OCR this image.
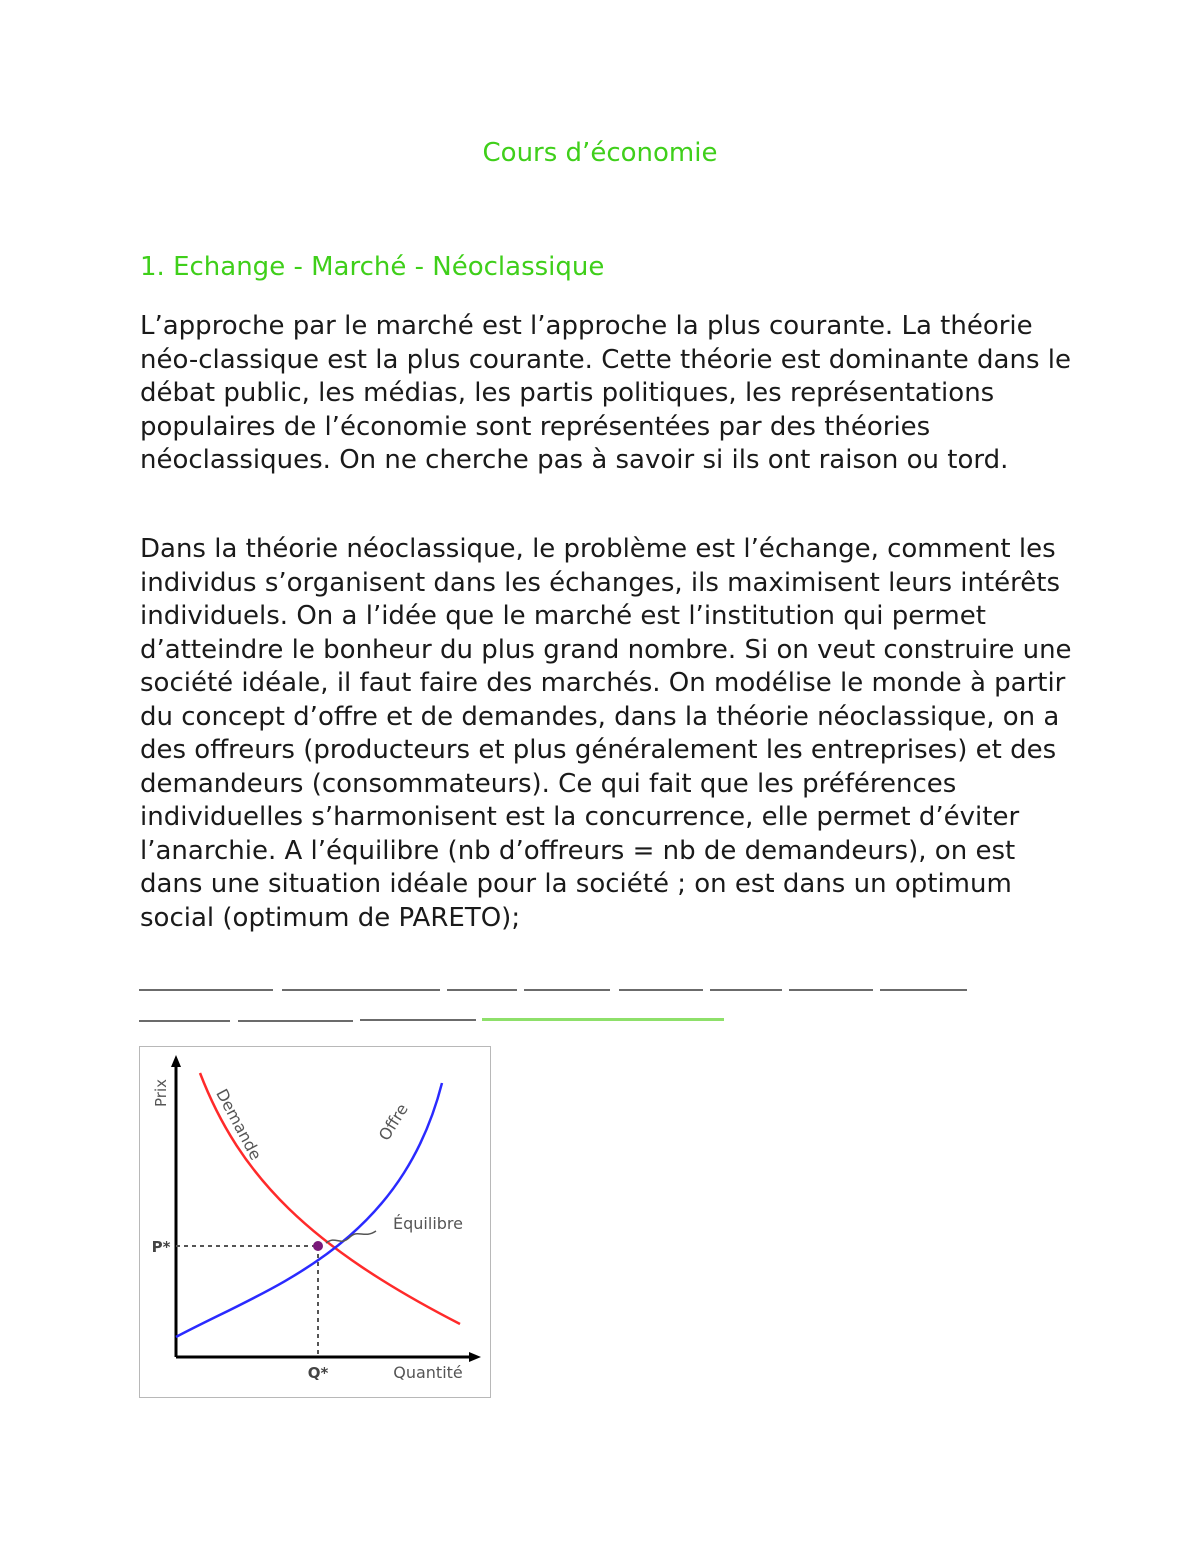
Cours d’économie
1. Echange - Marché - Néoclassique

L’approche par le marché est l’approche la plus courante. La théorie néo-classique est la plus courante. Cette théorie est dominante dans le débat public, les médias, les partis politiques, les représentations populaires de l’économie sont représentées par des théories néoclassiques. On ne cherche pas à savoir si ils ont raison ou tord.

Dans la théorie néoclassique, le problème est l’échange, comment les individus s’organisent dans les échanges, ils maximisent leurs intérêts individuels. On a l’idée que le marché est l’institution qui permet d’atteindre le bonheur du plus grand nombre. Si on veut construire une société idéale, il faut faire des marchés. On modélise le monde à partir du concept d’offre et de demandes, dans la théorie néoclassique, on a des offreurs (producteurs et plus généralement les entreprises) et des demandeurs (consommateurs). Ce qui fait que les préférences individuelles s’harmonisent est la concurrence, elle permet d’éviter l’anarchie. A l’équilibre (nb d’offreurs = nb de demandeurs), on est dans une situation idéale pour la société ; on est dans un optimum social (optimum de PARETO);

Prix
Quantité
Demande	Offre
Équilibre
P*
Q*
